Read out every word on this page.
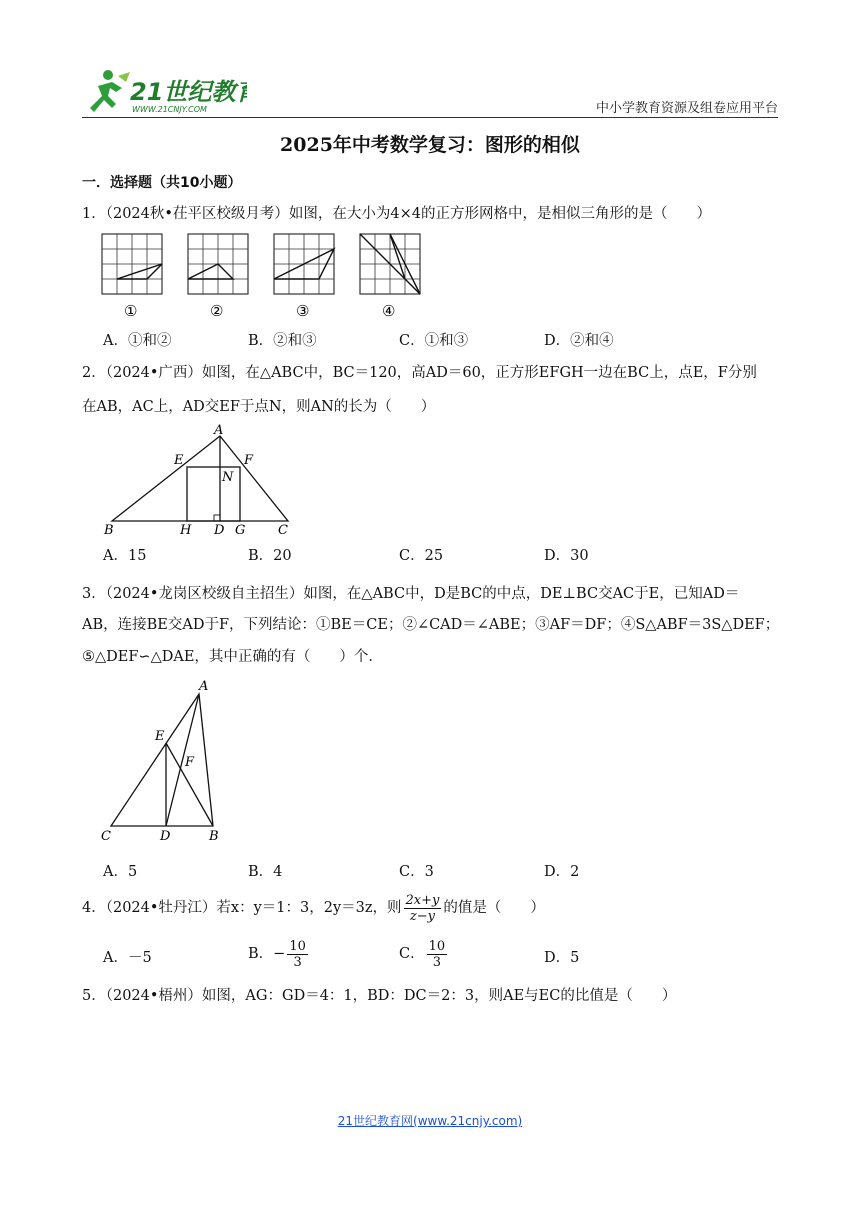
21世纪教育
WWW.21CNJY.COM	中小学教育资源及组卷应用平台
2025年中考数学复习：图形的相似
一．选择题（共10小题）
1．（2024秋•茌平区校级月考）如图，在大小为4×4的正方形网格中，是相似三角形的是（　　）
①	②	③	④
A．①和②	B．②和③	C．①和③	D．②和④
2．（2024•广西）如图，在△ABC中，BC＝120，高AD＝60，正方形EFGH一边在BC上，点E，F分别
在AB，AC上，AD交EF于点N，则AN的长为（　　）
A
E	F
N
B	H D G	C
A．15	B．20	C．25	D．30
3．（2024•龙岗区校级自主招生）如图，在△ABC中，D是BC的中点，DE⊥BC交AC于E，已知AD＝
AB，连接BE交AD于F，下列结论：①BE＝CE；②∠CAD＝∠ABE；③AF＝DF；④S△ABF＝3S△DEF；
⑤△DEF∽△DAE，其中正确的有（　　）个．
A
E
F
C	D	B
A．5	B．4	C．3	D．2
4．（2024•牡丹江）若x：y＝1：3，2y＝3z，则 $\frac{2x+y}{z-y}$ 的值是（　　）
A．－5	B．− $\frac{10}{3}$	C． $\frac{10}{3}$	D．5
5．（2024•梧州）如图，AG：GD＝4：1，BD：DC＝2：3，则AE与EC的比值是（　　）
21世纪教育网(www.21cnjy.com)
